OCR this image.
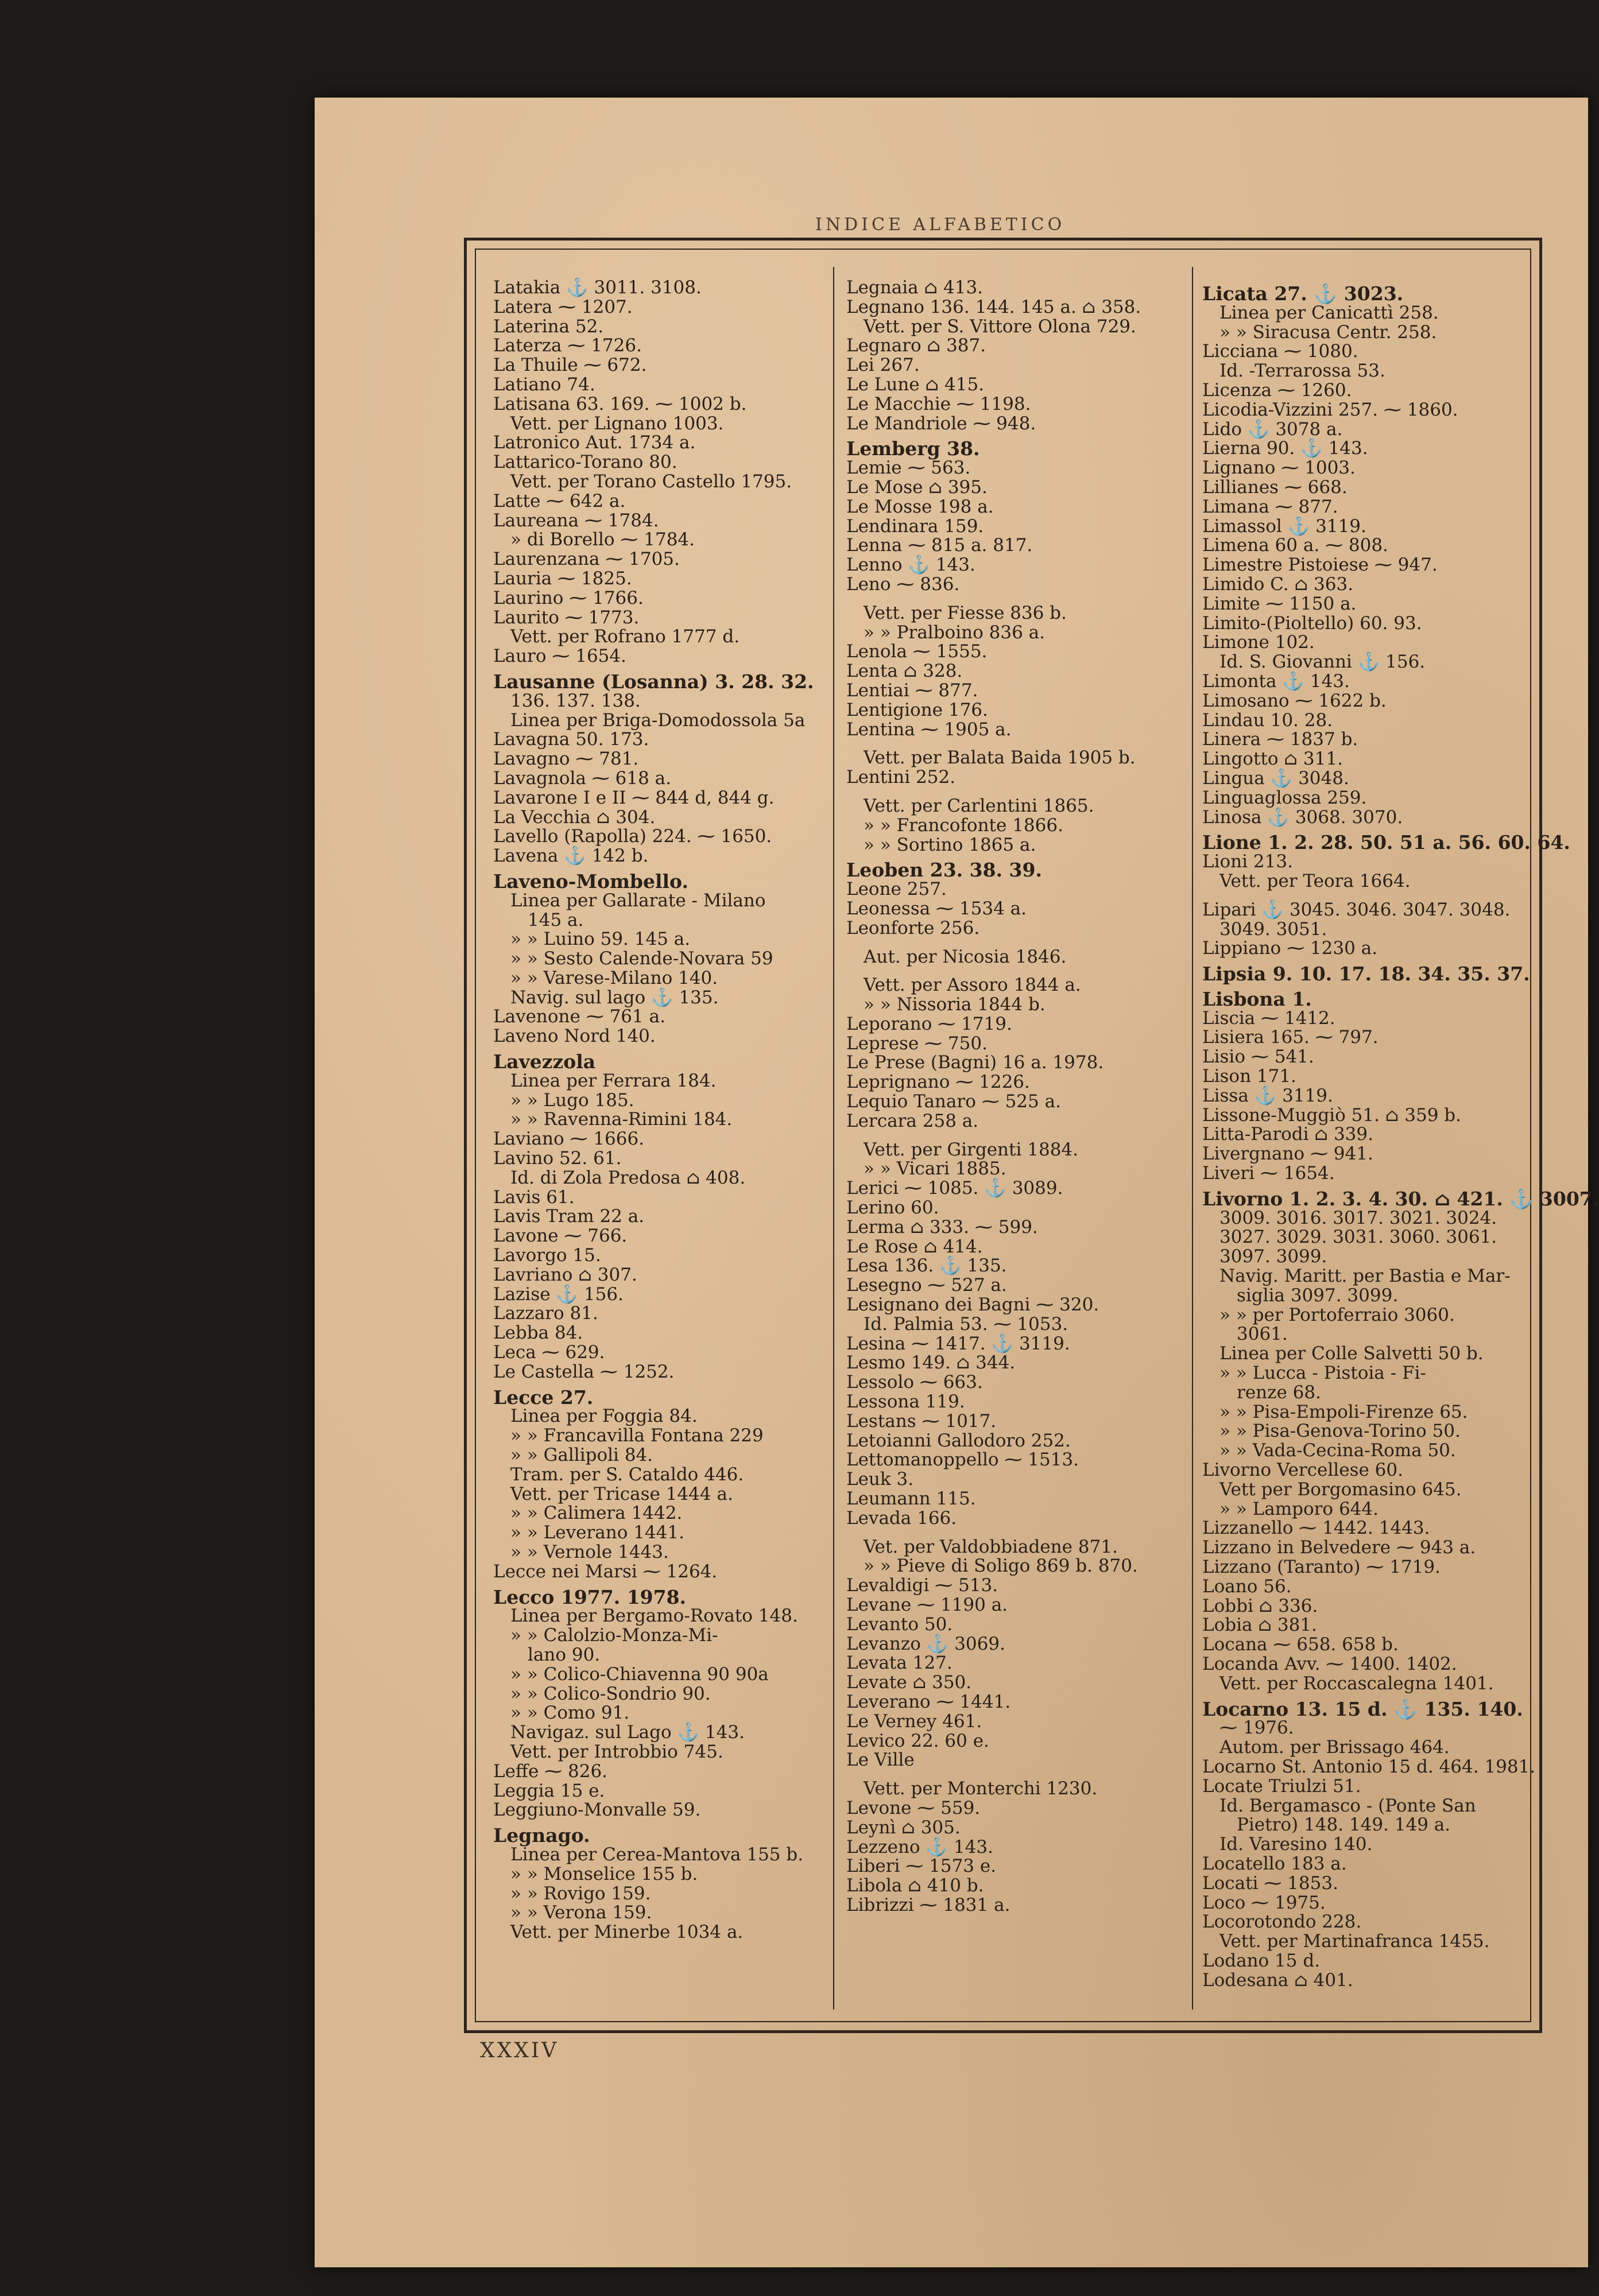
INDICE ALFABETICO
Latakia ⚓ 3011. 3108.
Latera ⁓ 1207.
Laterina 52.
Laterza ⁓ 1726.
La Thuile ⁓ 672.
Latiano 74.
Latisana 63. 169. ⁓ 1002 b.
Vett. per Lignano 1003.
Latronico Aut. 1734 a.
Lattarico-Torano 80.
Vett. per Torano Castello 1795.
Latte ⁓ 642 a.
Laureana ⁓ 1784.
» di Borello ⁓ 1784.
Laurenzana ⁓ 1705.
Lauria ⁓ 1825.
Laurino ⁓ 1766.
Laurito ⁓ 1773.
Vett. per Rofrano 1777 d.
Lauro ⁓ 1654.
Lausanne (Losanna) 3. 28. 32.
136. 137. 138.
Linea per Briga-Domodossola 5a
Lavagna 50. 173.
Lavagno ⁓ 781.
Lavagnola ⁓ 618 a.
Lavarone I e II ⁓ 844 d, 844 g.
La Vecchia ⌂ 304.
Lavello (Rapolla) 224. ⁓ 1650.
Lavena ⚓ 142 b.
Laveno-Mombello.
Linea per Gallarate - Milano
145 a.
» » Luino 59. 145 a.
» » Sesto Calende-Novara 59
» » Varese-Milano 140.
Navig. sul lago ⚓ 135.
Lavenone ⁓ 761 a.
Laveno Nord 140.
Lavezzola
Linea per Ferrara 184.
» » Lugo 185.
» » Ravenna-Rimini 184.
Laviano ⁓ 1666.
Lavino 52. 61.
Id. di Zola Predosa ⌂ 408.
Lavis 61.
Lavis Tram 22 a.
Lavone ⁓ 766.
Lavorgo 15.
Lavriano ⌂ 307.
Lazise ⚓ 156.
Lazzaro 81.
Lebba 84.
Leca ⁓ 629.
Le Castella ⁓ 1252.
Lecce 27.
Linea per Foggia 84.
» » Francavilla Fontana 229
» » Gallipoli 84.
Tram. per S. Cataldo 446.
Vett. per Tricase 1444 a.
» » Calimera 1442.
» » Leverano 1441.
» » Vernole 1443.
Lecce nei Marsi ⁓ 1264.
Lecco 1977. 1978.
Linea per Bergamo-Rovato 148.
» » Calolzio-Monza-Mi-
lano 90.
» » Colico-Chiavenna 90 90a
» » Colico-Sondrio 90.
» » Como 91.
Navigaz. sul Lago ⚓ 143.
Vett. per Introbbio 745.
Leffe ⁓ 826.
Leggia 15 e.
Leggiuno-Monvalle 59.
Legnago.
Linea per Cerea-Mantova 155 b.
» » Monselice 155 b.
» » Rovigo 159.
» » Verona 159.
Vett. per Minerbe 1034 a.
Legnaia ⌂ 413.
Legnano 136. 144. 145 a. ⌂ 358.
Vett. per S. Vittore Olona 729.
Legnaro ⌂ 387.
Lei 267.
Le Lune ⌂ 415.
Le Macchie ⁓ 1198.
Le Mandriole ⁓ 948.
Lemberg 38.
Lemie ⁓ 563.
Le Mose ⌂ 395.
Le Mosse 198 a.
Lendinara 159.
Lenna ⁓ 815 a. 817.
Lenno ⚓ 143.
Leno ⁓ 836.
Vett. per Fiesse 836 b.
» » Pralboino 836 a.
Lenola ⁓ 1555.
Lenta ⌂ 328.
Lentiai ⁓ 877.
Lentigione 176.
Lentina ⁓ 1905 a.
Vett. per Balata Baida 1905 b.
Lentini 252.
Vett. per Carlentini 1865.
» » Francofonte 1866.
» » Sortino 1865 a.
Leoben 23. 38. 39.
Leone 257.
Leonessa ⁓ 1534 a.
Leonforte 256.
Aut. per Nicosia 1846.
Vett. per Assoro 1844 a.
» » Nissoria 1844 b.
Leporano ⁓ 1719.
Leprese ⁓ 750.
Le Prese (Bagni) 16 a. 1978.
Leprignano ⁓ 1226.
Lequio Tanaro ⁓ 525 a.
Lercara 258 a.
Vett. per Girgenti 1884.
» » Vicari 1885.
Lerici ⁓ 1085. ⚓ 3089.
Lerino 60.
Lerma ⌂ 333. ⁓ 599.
Le Rose ⌂ 414.
Lesa 136. ⚓ 135.
Lesegno ⁓ 527 a.
Lesignano dei Bagni ⁓ 320.
Id. Palmia 53. ⁓ 1053.
Lesina ⁓ 1417. ⚓ 3119.
Lesmo 149. ⌂ 344.
Lessolo ⁓ 663.
Lessona 119.
Lestans ⁓ 1017.
Letoianni Gallodoro 252.
Lettomanoppello ⁓ 1513.
Leuk 3.
Leumann 115.
Levada 166.
Vet. per Valdobbiadene 871.
» » Pieve di Soligo 869 b. 870.
Levaldigi ⁓ 513.
Levane ⁓ 1190 a.
Levanto 50.
Levanzo ⚓ 3069.
Levata 127.
Levate ⌂ 350.
Leverano ⁓ 1441.
Le Verney 461.
Levico 22. 60 e.
Le Ville
Vett. per Monterchi 1230.
Levone ⁓ 559.
Leynì ⌂ 305.
Lezzeno ⚓ 143.
Liberi ⁓ 1573 e.
Libola ⌂ 410 b.
Librizzi ⁓ 1831 a.
Licata 27. ⚓ 3023.
Linea per Canicattì 258.
» » Siracusa Centr. 258.
Licciana ⁓ 1080.
Id. -Terrarossa 53.
Licenza ⁓ 1260.
Licodia-Vizzini 257. ⁓ 1860.
Lido ⚓ 3078 a.
Lierna 90. ⚓ 143.
Lignano ⁓ 1003.
Lillianes ⁓ 668.
Limana ⁓ 877.
Limassol ⚓ 3119.
Limena 60 a. ⁓ 808.
Limestre Pistoiese ⁓ 947.
Limido C. ⌂ 363.
Limite ⁓ 1150 a.
Limito-(Pioltello) 60. 93.
Limone 102.
Id. S. Giovanni ⚓ 156.
Limonta ⚓ 143.
Limosano ⁓ 1622 b.
Lindau 10. 28.
Linera ⁓ 1837 b.
Lingotto ⌂ 311.
Lingua ⚓ 3048.
Linguaglossa 259.
Linosa ⚓ 3068. 3070.
Lione 1. 2. 28. 50. 51 a. 56. 60. 64.
Lioni 213.
Vett. per Teora 1664.
Lipari ⚓ 3045. 3046. 3047. 3048.
3049. 3051.
Lippiano ⁓ 1230 a.
Lipsia 9. 10. 17. 18. 34. 35. 37.
Lisbona 1.
Liscia ⁓ 1412.
Lisiera 165. ⁓ 797.
Lisio ⁓ 541.
Lison 171.
Lissa ⚓ 3119.
Lissone-Muggiò 51. ⌂ 359 b.
Litta-Parodi ⌂ 339.
Livergnano ⁓ 941.
Liveri ⁓ 1654.
Livorno 1. 2. 3. 4. 30. ⌂ 421. ⚓ 3007.
3009. 3016. 3017. 3021. 3024.
3027. 3029. 3031. 3060. 3061.
3097. 3099.
Navig. Maritt. per Bastia e Mar-
siglia 3097. 3099.
» » per Portoferraio 3060.
3061.
Linea per Colle Salvetti 50 b.
» » Lucca - Pistoia - Fi-
renze 68.
» » Pisa-Empoli-Firenze 65.
» » Pisa-Genova-Torino 50.
» » Vada-Cecina-Roma 50.
Livorno Vercellese 60.
Vett per Borgomasino 645.
» » Lamporo 644.
Lizzanello ⁓ 1442. 1443.
Lizzano in Belvedere ⁓ 943 a.
Lizzano (Taranto) ⁓ 1719.
Loano 56.
Lobbi ⌂ 336.
Lobia ⌂ 381.
Locana ⁓ 658. 658 b.
Locanda Avv. ⁓ 1400. 1402.
Vett. per Roccascalegna 1401.
Locarno 13. 15 d. ⚓ 135. 140.
⁓ 1976.
Autom. per Brissago 464.
Locarno St. Antonio 15 d. 464. 1981.
Locate Triulzi 51.
Id. Bergamasco - (Ponte San
Pietro) 148. 149. 149 a.
Id. Varesino 140.
Locatello 183 a.
Locati ⁓ 1853.
Loco ⁓ 1975.
Locorotondo 228.
Vett. per Martinafranca 1455.
Lodano 15 d.
Lodesana ⌂ 401.
XXXIV
